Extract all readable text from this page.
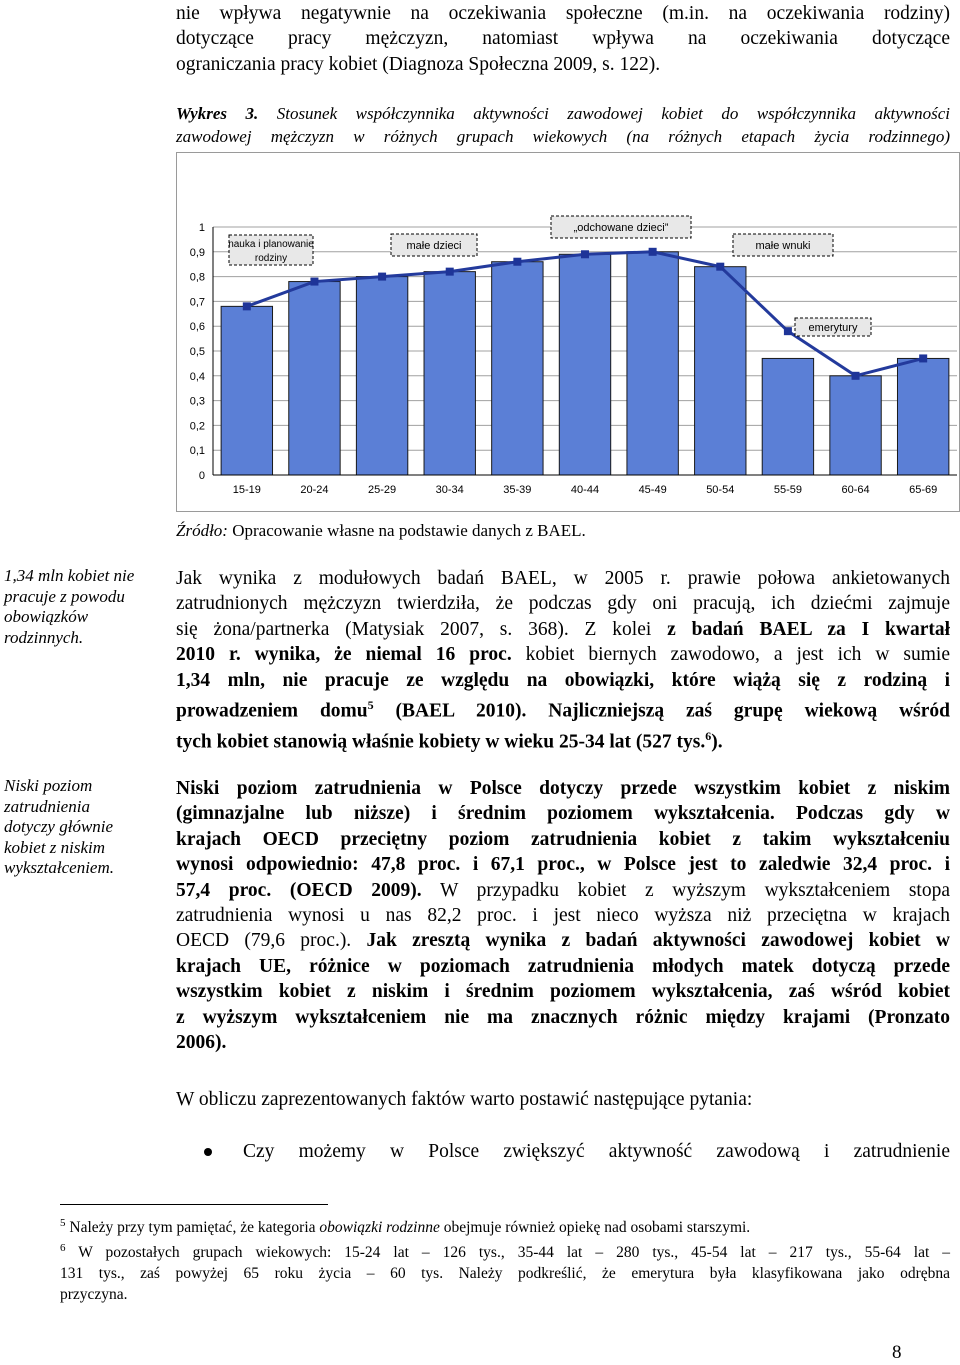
nie wpływa negatywnie na oczekiwania społeczne (m.in. na oczekiwania rodziny)
dotyczące pracy mężczyzn, natomiast wpływa na oczekiwania dotyczące
ograniczania pracy kobiet (Diagnoza Społeczna 2009, s. 122).
Wykres 3. Stosunek współczynnika aktywności zawodowej kobiet do współczynnika aktywności
zawodowej mężczyzn w różnych grupach wiekowych (na różnych etapach życia rodzinnego)
0
0,1
0,2
0,3
0,4
0,5
0,6
0,7
0,8
0,9
1
15-19	20-24	25-29	30-34	35-39	40-44	45-49	50-54	55-59	60-64	65-69
nauka i planowanie
rodziny
małe dzieci
„odchowane dzieci”
małe wnuki
emerytury
Źródło: Opracowanie własne na podstawie danych z BAEL.
1,34 mln kobiet nie
pracuje z powodu
obowiązków
rodzinnych.
Niski poziom
zatrudnienia
dotyczy głównie
kobiet z niskim
wykształceniem.
Jak wynika z modułowych badań BAEL, w 2005 r. prawie połowa ankietowanych
zatrudnionych mężczyzn twierdziła, że podczas gdy oni pracują, ich dziećmi zajmuje
się żona/partnerka (Matysiak 2007, s. 368). Z kolei z badań BAEL za I kwartał
2010 r. wynika, że niemal 16 proc. kobiet biernych zawodowo, a jest ich w sumie
1,34 mln, nie pracuje ze względu na obowiązki, które wiążą się z rodziną i
prowadzeniem domu$^5$ (BAEL 2010). Najliczniejszą zaś grupę wiekową wśród
tych kobiet stanowią właśnie kobiety w wieku 25-34 lat (527 tys.$^6$).
Niski poziom zatrudnienia w Polsce dotyczy przede wszystkim kobiet z niskim
(gimnazjalne lub niższe) i średnim poziomem wykształcenia. Podczas gdy w
krajach OECD przeciętny poziom zatrudnienia kobiet z takim wykształceniu
wynosi odpowiednio: 47,8 proc. i 67,1 proc., w Polsce jest to zaledwie 32,4 proc. i
57,4 proc. (OECD 2009). W przypadku kobiet z wyższym wykształceniem stopa
zatrudnienia wynosi u nas 82,2 proc. i jest nieco wyższa niż przeciętna w krajach
OECD (79,6 proc.). Jak zresztą wynika z badań aktywności zawodowej kobiet w
krajach UE, różnice w poziomach zatrudnienia młodych matek dotyczą przede
wszystkim kobiet z niskim i średnim poziomem wykształcenia, zaś wśród kobiet
z wyższym wykształceniem nie ma znacznych różnic między krajami (Pronzato
2006).
W obliczu zaprezentowanych faktów warto postawić następujące pytania:
Czy możemy w Polsce zwiększyć aktywność zawodową i zatrudnienie
$^5$ Należy przy tym pamiętać, że kategoria obowiązki rodzinne obejmuje również opiekę nad osobami starszymi.
$^6$ W pozostałych grupach wiekowych: 15-24 lat – 126 tys., 35-44 lat – 280 tys., 45-54 lat – 217 tys., 55-64 lat –
131 tys., zaś powyżej 65 roku życia – 60 tys. Należy podkreślić, że emerytura była klasyfikowana jako odrębna
przyczyna.
8
